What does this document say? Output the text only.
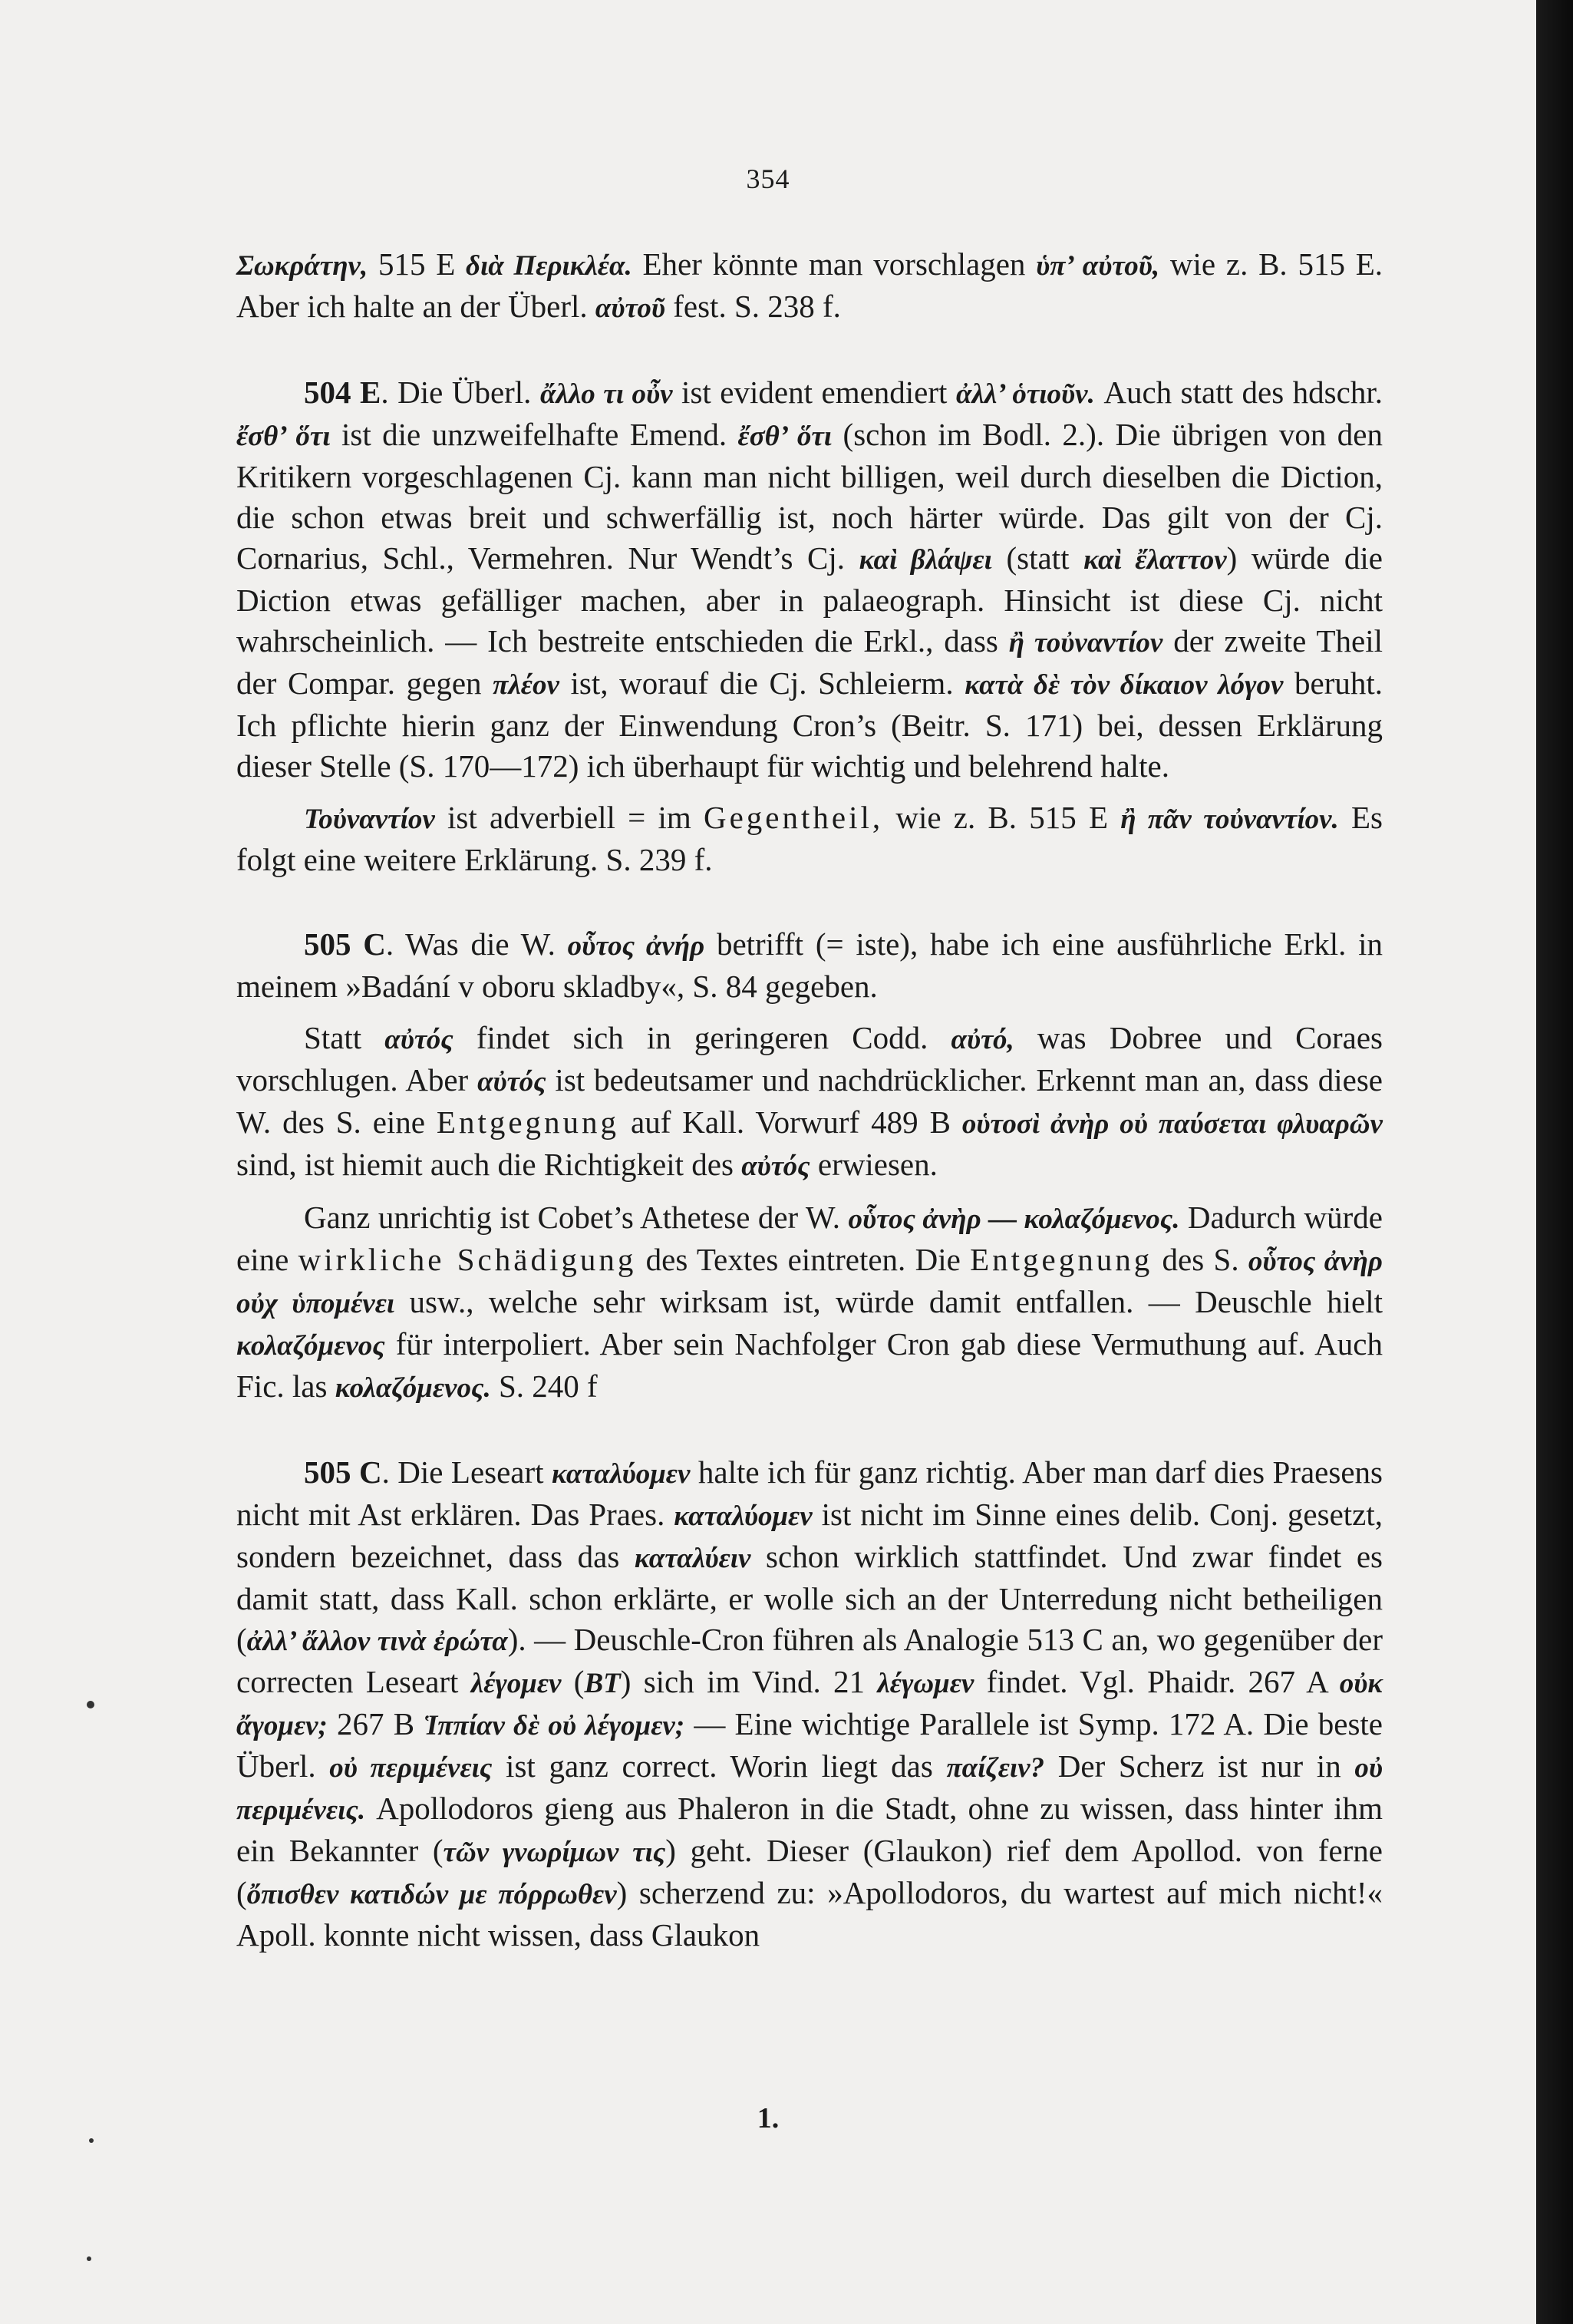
354

Σωκράτην, 515 E διὰ Περικλέα. Eher könnte man vorschlagen ὑπ’ αὐτοῦ, wie z. B. 515 E. Aber ich halte an der Überl. αὐτοῦ fest. S. 238 f.

504 E. Die Überl. ἄλλο τι οὖν ist evident emendiert ἀλλ’ ὁτιοῦν. Auch statt des hdschr. ἔσθ’ ὅτι ist die unzweifelhafte Emend. ἔσθ’ ὅτι (schon im Bodl. 2.). Die übrigen von den Kritikern vorgeschlagenen Cj. kann man nicht billigen, weil durch dieselben die Diction, die schon etwas breit und schwerfällig ist, noch härter würde. Das gilt von der Cj. Cornarius, Schl., Vermehren. Nur Wendt’s Cj. καὶ βλάψει (statt καὶ ἔλαττον) würde die Diction etwas gefälliger machen, aber in palaeograph. Hinsicht ist diese Cj. nicht wahrscheinlich. — Ich bestreite entschieden die Erkl., dass ἢ τοὐναντίον der zweite Theil der Compar. gegen πλέον ist, worauf die Cj. Schleierm. κατὰ δὲ τὸν δίκαιον λόγον beruht. Ich pflichte hierin ganz der Einwendung Cron’s (Beitr. S. 171) bei, dessen Erklärung dieser Stelle (S. 170—172) ich überhaupt für wichtig und belehrend halte.

Τοὐναντίον ist adverbiell = im Gegentheil, wie z. B. 515 E ἢ πᾶν τοὐναντίον. Es folgt eine weitere Erklärung. S. 239 f.

505 C. Was die W. οὗτος ἀνήρ betrifft (= iste), habe ich eine ausführliche Erkl. in meinem »Badání v oboru skladby«, S. 84 gegeben.

Statt αὐτός findet sich in geringeren Codd. αὐτό, was Dobree und Coraes vorschlugen. Aber αὐτός ist bedeutsamer und nachdrücklicher. Erkennt man an, dass diese W. des S. eine Entgegnung auf Kall. Vorwurf 489 B οὑτοσὶ ἀνὴρ οὐ παύσεται φλυαρῶν sind, ist hiemit auch die Richtigkeit des αὐτός erwiesen.

Ganz unrichtig ist Cobet’s Athetese der W. οὗτος ἀνὴρ — κολαζόμενος. Dadurch würde eine wirkliche Schädigung des Textes eintreten. Die Entgegnung des S. οὗτος ἀνὴρ οὐχ ὑπομένει usw., welche sehr wirksam ist, würde damit entfallen. — Deuschle hielt κολαζόμενος für interpoliert. Aber sein Nachfolger Cron gab diese Vermuthung auf. Auch Fic. las κολαζόμενος. S. 240 f

505 C. Die Leseart καταλύομεν halte ich für ganz richtig. Aber man darf dies Praesens nicht mit Ast erklären. Das Praes. καταλύομεν ist nicht im Sinne eines delib. Conj. gesetzt, sondern bezeichnet, dass das καταλύειν schon wirklich stattfindet. Und zwar findet es damit statt, dass Kall. schon erklärte, er wolle sich an der Unterredung nicht betheiligen (ἀλλ’ ἄλλον τινὰ ἐρώτα). — Deuschle-Cron führen als Analogie 513 C an, wo gegenüber der correcten Leseart λέγομεν (BT) sich im Vind. 21 λέγωμεν findet. Vgl. Phaidr. 267 A οὐκ ἄγομεν; 267 B Ἱππίαν δὲ οὐ λέγομεν; — Eine wichtige Parallele ist Symp. 172 A. Die beste Überl. οὐ περιμένεις ist ganz correct. Worin liegt das παίζειν? Der Scherz ist nur in οὐ περιμένεις. Apollodoros gieng aus Phaleron in die Stadt, ohne zu wissen, dass hinter ihm ein Bekannter (τῶν γνωρίμων τις) geht. Dieser (Glaukon) rief dem Apollod. von ferne (ὄπισθεν κατιδών με πόρρωθεν) scherzend zu: »Apollodoros, du wartest auf mich nicht!« Apoll. konnte nicht wissen, dass Glaukon

1.
